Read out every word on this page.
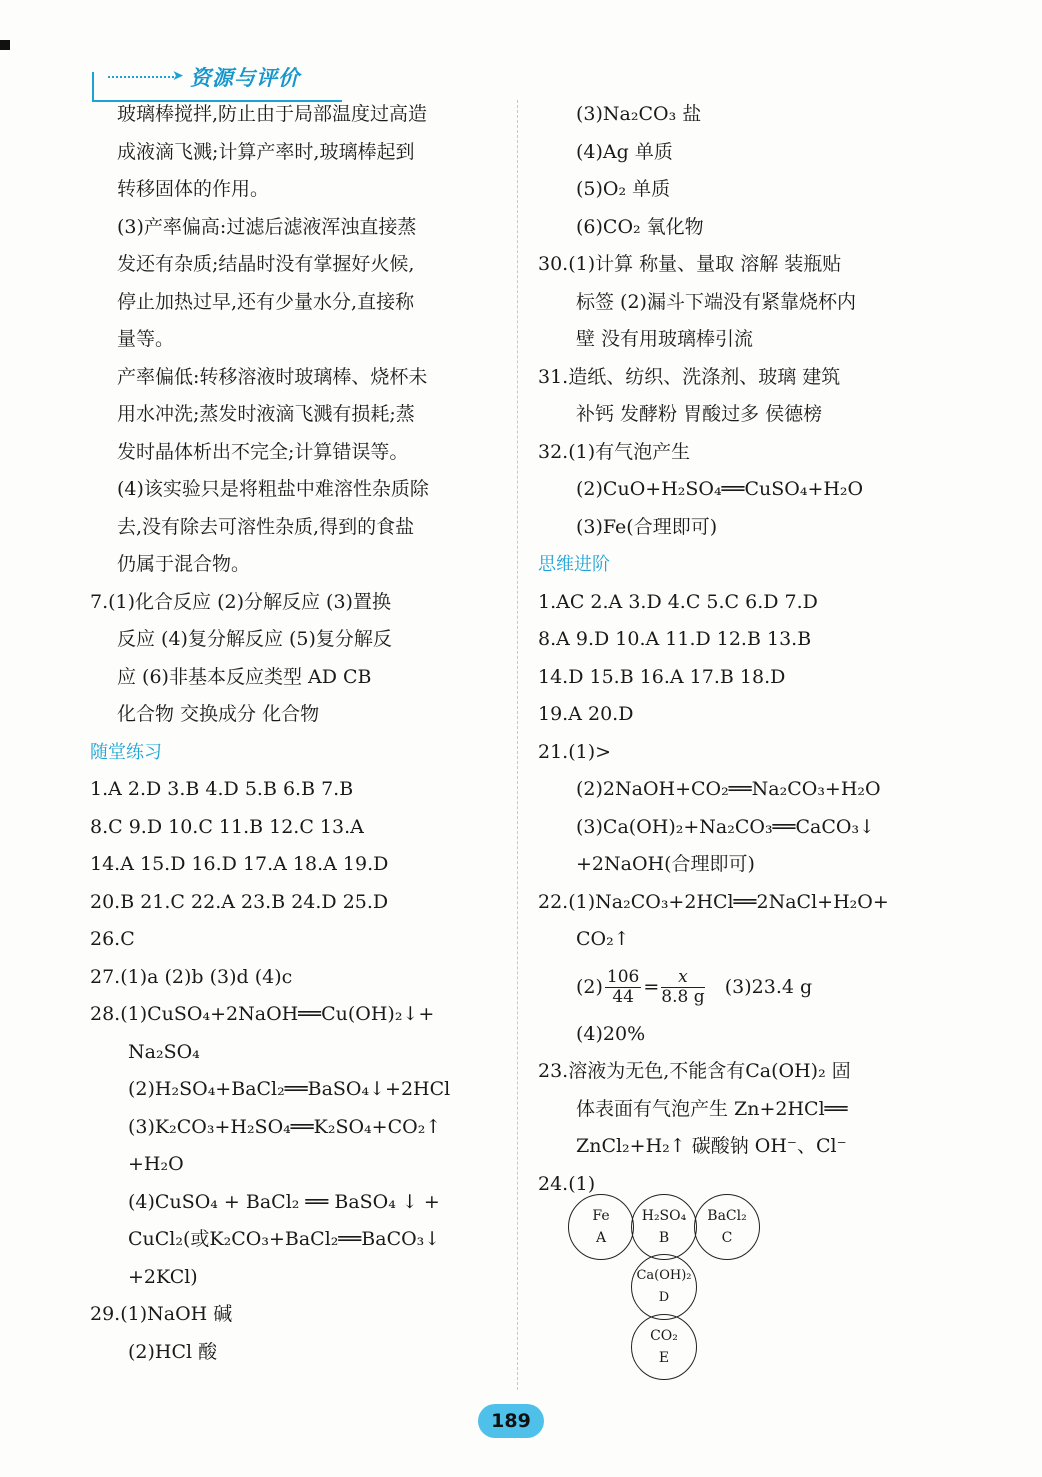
➤ 资源与评价
玻璃棒搅拌,防止由于局部温度过高造
成液滴飞溅;计算产率时,玻璃棒起到
转移固体的作用。
(3)产率偏高:过滤后滤液浑浊直接蒸
发还有杂质;结晶时没有掌握好火候,
停止加热过早,还有少量水分,直接称
量等。
产率偏低:转移溶液时玻璃棒、烧杯未
用水冲洗;蒸发时液滴飞溅有损耗;蒸
发时晶体析出不完全;计算错误等。
(4)该实验只是将粗盐中难溶性杂质除
去,没有除去可溶性杂质,得到的食盐
仍属于混合物。
7.(1)化合反应 (2)分解反应 (3)置换
反应 (4)复分解反应 (5)复分解反
应 (6)非基本反应类型 AD CB
化合物 交换成分 化合物
随堂练习
1.A 2.D 3.B 4.D 5.B 6.B 7.B
8.C 9.D 10.C 11.B 12.C 13.A
14.A 15.D 16.D 17.A 18.A 19.D
20.B 21.C 22.A 23.B 24.D 25.D
26.C
27.(1)a (2)b (3)d (4)c
28.(1)CuSO₄+2NaOH══Cu(OH)₂↓+
Na₂SO₄
(2)H₂SO₄+BaCl₂══BaSO₄↓+2HCl
(3)K₂CO₃+H₂SO₄══K₂SO₄+CO₂↑
+H₂O
(4)CuSO₄ + BaCl₂ ══ BaSO₄ ↓ +
CuCl₂(或K₂CO₃+BaCl₂══BaCO₃↓
+2KCl)
29.(1)NaOH 碱
(2)HCl 酸
(3)Na₂CO₃ 盐
(4)Ag 单质
(5)O₂ 单质
(6)CO₂ 氧化物
30.(1)计算 称量、量取 溶解 装瓶贴
标签 (2)漏斗下端没有紧靠烧杯内
壁 没有用玻璃棒引流
31.造纸、纺织、洗涤剂、玻璃 建筑
补钙 发酵粉 胃酸过多 侯德榜
32.(1)有气泡产生
(2)CuO+H₂SO₄══CuSO₄+H₂O
(3)Fe(合理即可)
思维进阶
1.AC 2.A 3.D 4.C 5.C 6.D 7.D
8.A 9.D 10.A 11.D 12.B 13.B
14.D 15.B 16.A 17.B 18.D
19.A 20.D
21.(1)>
(2)2NaOH+CO₂══Na₂CO₃+H₂O
(3)Ca(OH)₂+Na₂CO₃══CaCO₃↓
+2NaOH(合理即可)
22.(1)Na₂CO₃+2HCl══2NaCl+H₂O+
CO₂↑
$(2) \frac{106}{44} = \frac{x}{8.8 g} (3)23.4$ g
(4)20%
23.溶液为无色,不能含有Ca(OH)₂ 固
体表面有气泡产生 Zn+2HCl══
ZnCl₂+H₂↑ 碳酸钠 OH⁻、Cl⁻
24.(1)
Fe
A
H₂SO₄
B
BaCl₂
C
Ca(OH)₂
D
CO₂
E
189
